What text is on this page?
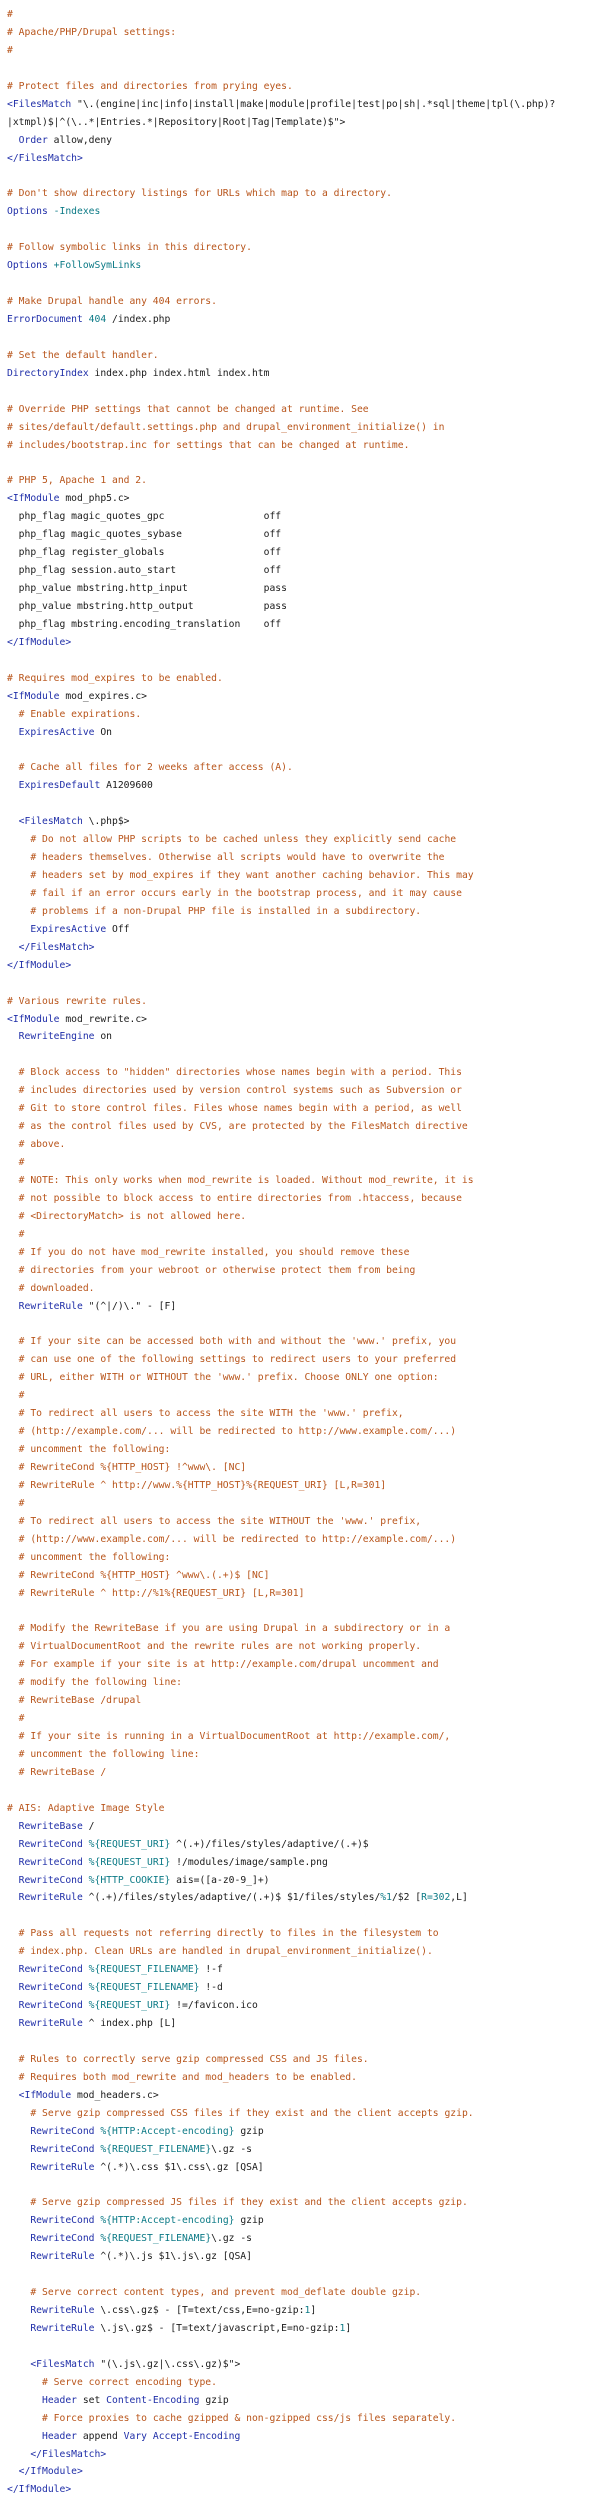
#
# Apache/PHP/Drupal settings:
#

# Protect files and directories from prying eyes.
<FilesMatch "\.(engine|inc|info|install|make|module|profile|test|po|sh|.*sql|theme|tpl(\.php)?
|xtmpl)$|^(\..*|Entries.*|Repository|Root|Tag|Template)$">
Order allow,deny
</FilesMatch>

# Don't show directory listings for URLs which map to a directory.
Options -Indexes

# Follow symbolic links in this directory.
Options +FollowSymLinks

# Make Drupal handle any 404 errors.
ErrorDocument 404 /index.php

# Set the default handler.
DirectoryIndex index.php index.html index.htm

# Override PHP settings that cannot be changed at runtime. See
# sites/default/default.settings.php and drupal_environment_initialize() in
# includes/bootstrap.inc for settings that can be changed at runtime.

# PHP 5, Apache 1 and 2.
<IfModule mod_php5.c>
php_flag magic_quotes_gpc                 off
php_flag magic_quotes_sybase              off
php_flag register_globals                 off
php_flag session.auto_start               off
php_value mbstring.http_input             pass
php_value mbstring.http_output            pass
php_flag mbstring.encoding_translation    off
</IfModule>

# Requires mod_expires to be enabled.
<IfModule mod_expires.c>
# Enable expirations.
ExpiresActive On

# Cache all files for 2 weeks after access (A).
ExpiresDefault A1209600

<FilesMatch \.php$>
# Do not allow PHP scripts to be cached unless they explicitly send cache
# headers themselves. Otherwise all scripts would have to overwrite the
# headers set by mod_expires if they want another caching behavior. This may
# fail if an error occurs early in the bootstrap process, and it may cause
# problems if a non-Drupal PHP file is installed in a subdirectory.
ExpiresActive Off
</FilesMatch>
</IfModule>

# Various rewrite rules.
<IfModule mod_rewrite.c>
RewriteEngine on

# Block access to "hidden" directories whose names begin with a period. This
# includes directories used by version control systems such as Subversion or
# Git to store control files. Files whose names begin with a period, as well
# as the control files used by CVS, are protected by the FilesMatch directive
# above.
#
# NOTE: This only works when mod_rewrite is loaded. Without mod_rewrite, it is
# not possible to block access to entire directories from .htaccess, because
# <DirectoryMatch> is not allowed here.
#
# If you do not have mod_rewrite installed, you should remove these
# directories from your webroot or otherwise protect them from being
# downloaded.
RewriteRule "(^|/)\." - [F]

# If your site can be accessed both with and without the 'www.' prefix, you
# can use one of the following settings to redirect users to your preferred
# URL, either WITH or WITHOUT the 'www.' prefix. Choose ONLY one option:
#
# To redirect all users to access the site WITH the 'www.' prefix,
# (http://example.com/... will be redirected to http://www.example.com/...)
# uncomment the following:
# RewriteCond %{HTTP_HOST} !^www\. [NC]
# RewriteRule ^ http://www.%{HTTP_HOST}%{REQUEST_URI} [L,R=301]
#
# To redirect all users to access the site WITHOUT the 'www.' prefix,
# (http://www.example.com/... will be redirected to http://example.com/...)
# uncomment the following:
# RewriteCond %{HTTP_HOST} ^www\.(.+)$ [NC]
# RewriteRule ^ http://%1%{REQUEST_URI} [L,R=301]

# Modify the RewriteBase if you are using Drupal in a subdirectory or in a
# VirtualDocumentRoot and the rewrite rules are not working properly.
# For example if your site is at http://example.com/drupal uncomment and
# modify the following line:
# RewriteBase /drupal
#
# If your site is running in a VirtualDocumentRoot at http://example.com/,
# uncomment the following line:
# RewriteBase /

# AIS: Adaptive Image Style
RewriteBase /
RewriteCond %{REQUEST_URI} ^(.+)/files/styles/adaptive/(.+)$
RewriteCond %{REQUEST_URI} !/modules/image/sample.png
RewriteCond %{HTTP_COOKIE} ais=([a-z0-9_]+)
RewriteRule ^(.+)/files/styles/adaptive/(.+)$ $1/files/styles/%1/$2 [R=302,L]

# Pass all requests not referring directly to files in the filesystem to
# index.php. Clean URLs are handled in drupal_environment_initialize().
RewriteCond %{REQUEST_FILENAME} !-f
RewriteCond %{REQUEST_FILENAME} !-d
RewriteCond %{REQUEST_URI} !=/favicon.ico
RewriteRule ^ index.php [L]

# Rules to correctly serve gzip compressed CSS and JS files.
# Requires both mod_rewrite and mod_headers to be enabled.
<IfModule mod_headers.c>
# Serve gzip compressed CSS files if they exist and the client accepts gzip.
RewriteCond %{HTTP:Accept-encoding} gzip
RewriteCond %{REQUEST_FILENAME}\.gz -s
RewriteRule ^(.*)\.css $1\.css\.gz [QSA]

# Serve gzip compressed JS files if they exist and the client accepts gzip.
RewriteCond %{HTTP:Accept-encoding} gzip
RewriteCond %{REQUEST_FILENAME}\.gz -s
RewriteRule ^(.*)\.js $1\.js\.gz [QSA]

# Serve correct content types, and prevent mod_deflate double gzip.
RewriteRule \.css\.gz$ - [T=text/css,E=no-gzip:1]
RewriteRule \.js\.gz$ - [T=text/javascript,E=no-gzip:1]

<FilesMatch "(\.js\.gz|\.css\.gz)$">
# Serve correct encoding type.
Header set Content-Encoding gzip
# Force proxies to cache gzipped & non-gzipped css/js files separately.
Header append Vary Accept-Encoding
</FilesMatch>
</IfModule>
</IfModule>
